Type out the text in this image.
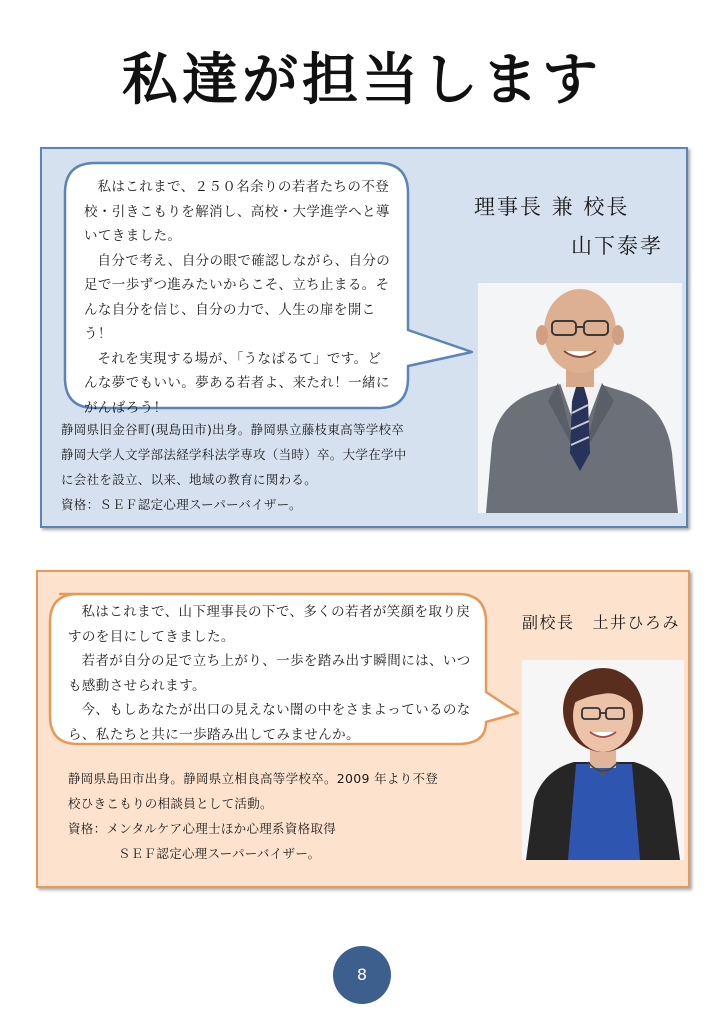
私達が担当します

私はこれまで、２５０名余りの若者たちの不登校・引きこもりを解消し、高校・大学進学へと導いてきました。

自分で考え、自分の眼で確認しながら、自分の足で一歩ずつ進みたいからこそ、立ち止まる。そんな自分を信じ、自分の力で、人生の扉を開こう！

それを実現する場が、「うなばるて」です。どんな夢でもいい。夢ある若者よ、来たれ！一緒にがんばろう！

理事長 兼 校長
山下泰孝
静岡県旧金谷町(現島田市)出身。静岡県立藤枝東高等学校卒
静岡大学人文学部法経学科法学専攻（当時）卒。大学在学中
に会社を設立、以来、地域の教育に関わる。
資格：ＳＥＦ認定心理スーパーバイザー。

私はこれまで、山下理事長の下で、多くの若者が笑顔を取り戻すのを目にしてきました。

若者が自分の足で立ち上がり、一歩を踏み出す瞬間には、いつも感動させられます。

今、もしあなたが出口の見えない闇の中をさまよっているのなら、私たちと共に一歩踏み出してみませんか。

副校長 土井ひろみ
静岡県島田市出身。静岡県立相良高等学校卒。2009 年より不登
校ひきこもりの相談員として活動。
資格：メンタルケア心理士ほか心理系資格取得
ＳＥＦ認定心理スーパーバイザー。
8
